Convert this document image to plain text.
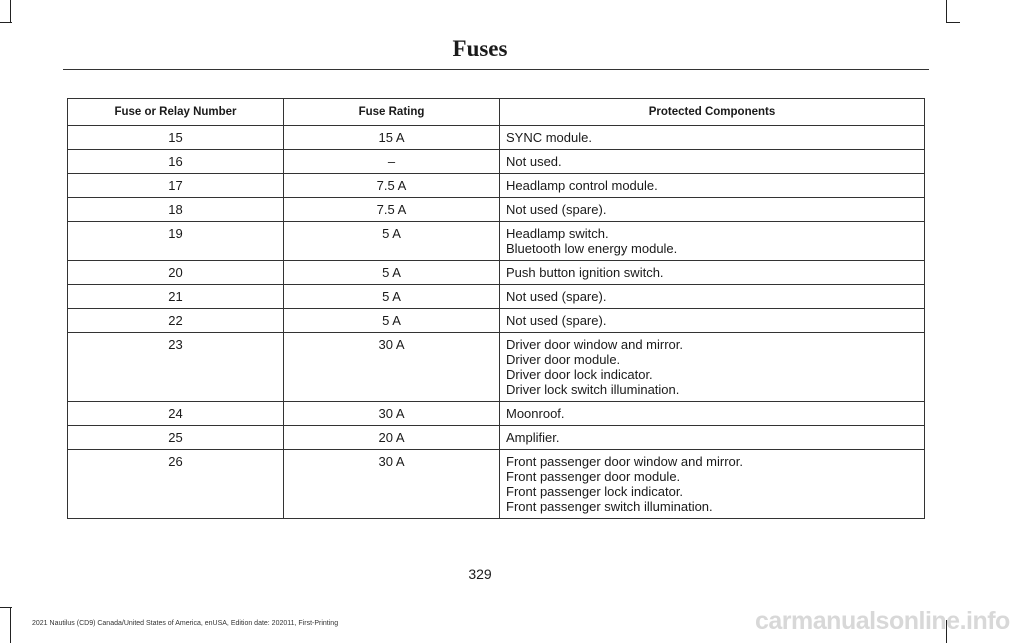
Fuses
Fuse or Relay Number	Fuse Rating	Protected Components
15	15 A	SYNC module.

16	–	Not used.

17	7.5 A	Headlamp control module.

18	7.5 A	Not used (spare).

19	5 A	Headlamp switch.
Bluetooth low energy module.

20	5 A	Push button ignition switch.

21	5 A	Not used (spare).

22	5 A	Not used (spare).

23	30 A	Driver door window and mirror.
Driver door module.
Driver door lock indicator.
Driver lock switch illumination.

24	30 A	Moonroof.

25	20 A	Amplifier.

26	30 A	Front passenger door window and mirror.
Front passenger door module.
Front passenger lock indicator.
Front passenger switch illumination.
329
2021 Nautilus (CD9) Canada/United States of America, enUSA, Edition date: 202011, First-Printing	carmanualsonline.info
